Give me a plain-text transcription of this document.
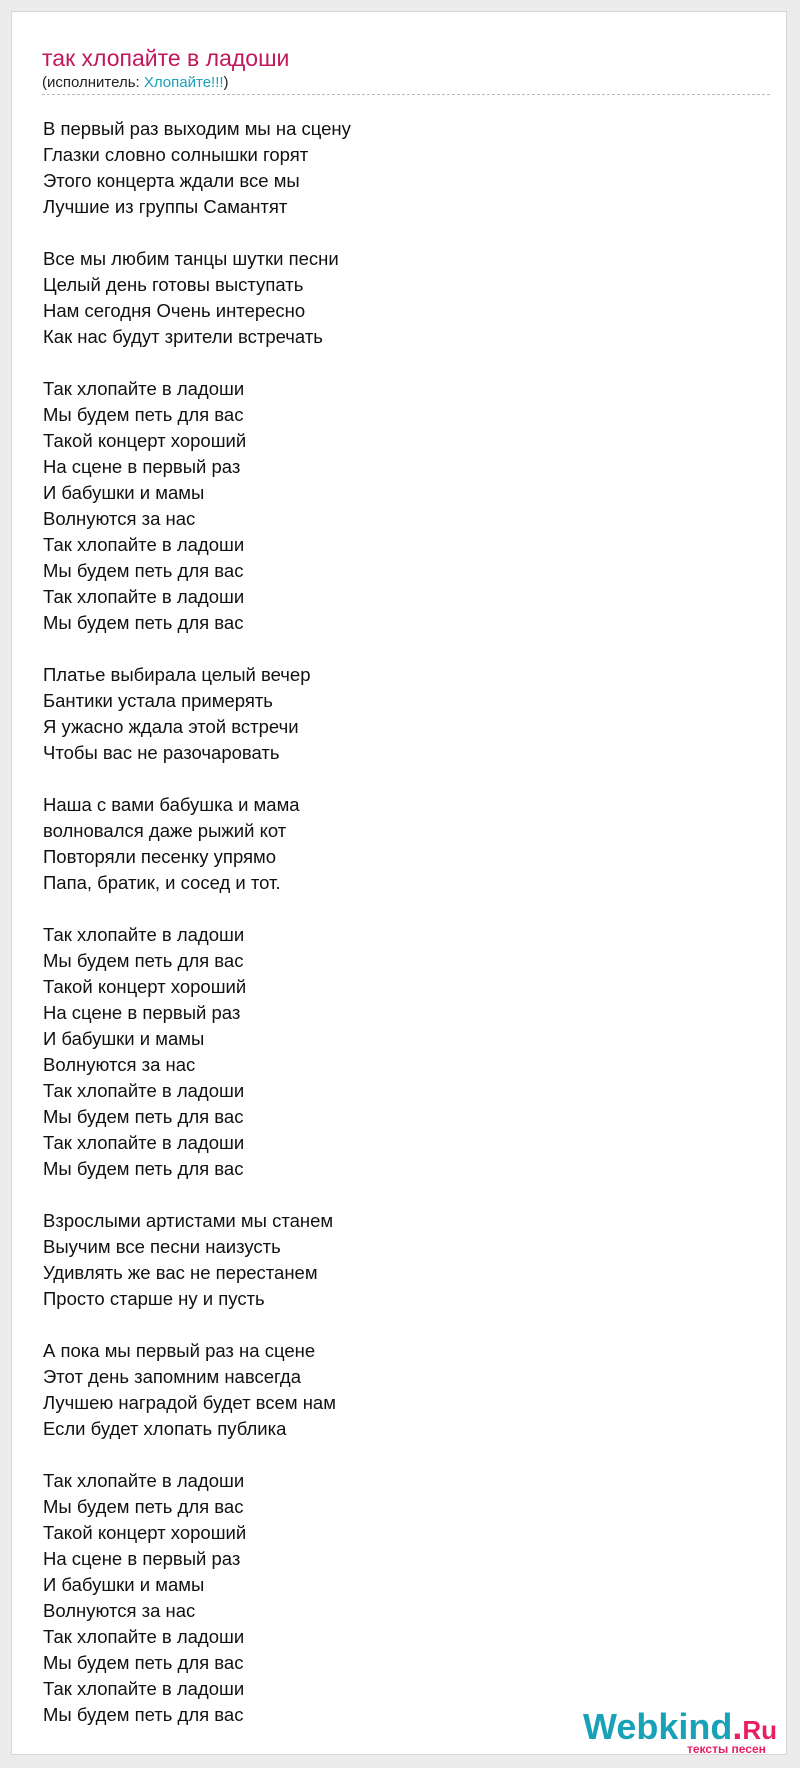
так хлопайте в ладоши
(исполнитель: Хлопайте!!!)
В первый раз выходим мы на сцену
Глазки словно солнышки горят
Этого концерта ждали все мы
Лучшие из группы Самантят
Все мы любим танцы шутки песни
Целый день готовы выступать
Нам сегодня Очень интересно
Как нас будут зрители встречать
Так хлопайте в ладоши
Мы будем петь для вас
Такой концерт хороший
На сцене в первый раз
И бабушки и мамы
Волнуются за нас
Так хлопайте в ладоши
Мы будем петь для вас
Так хлопайте в ладоши
Мы будем петь для вас
Платье выбирала целый вечер
Бантики устала примерять
Я ужасно ждала этой встречи
Чтобы вас не разочаровать
Наша с вами бабушка и мама
волновался даже рыжий кот
Повторяли песенку упрямо
Папа, братик, и сосед и тот.
Так хлопайте в ладоши
Мы будем петь для вас
Такой концерт хороший
На сцене в первый раз
И бабушки и мамы
Волнуются за нас
Так хлопайте в ладоши
Мы будем петь для вас
Так хлопайте в ладоши
Мы будем петь для вас
Взрослыми артистами мы станем
Выучим все песни наизусть
Удивлять же вас не перестанем
Просто старше ну и пусть
А пока мы первый раз на сцене
Этот день запомним навсегда
Лучшею наградой будет всем нам
Если будет хлопать публика
Так хлопайте в ладоши
Мы будем петь для вас
Такой концерт хороший
На сцене в первый раз
И бабушки и мамы
Волнуются за нас
Так хлопайте в ладоши
Мы будем петь для вас
Так хлопайте в ладоши
Мы будем петь для вас	Webkind.Ru
тексты песен
